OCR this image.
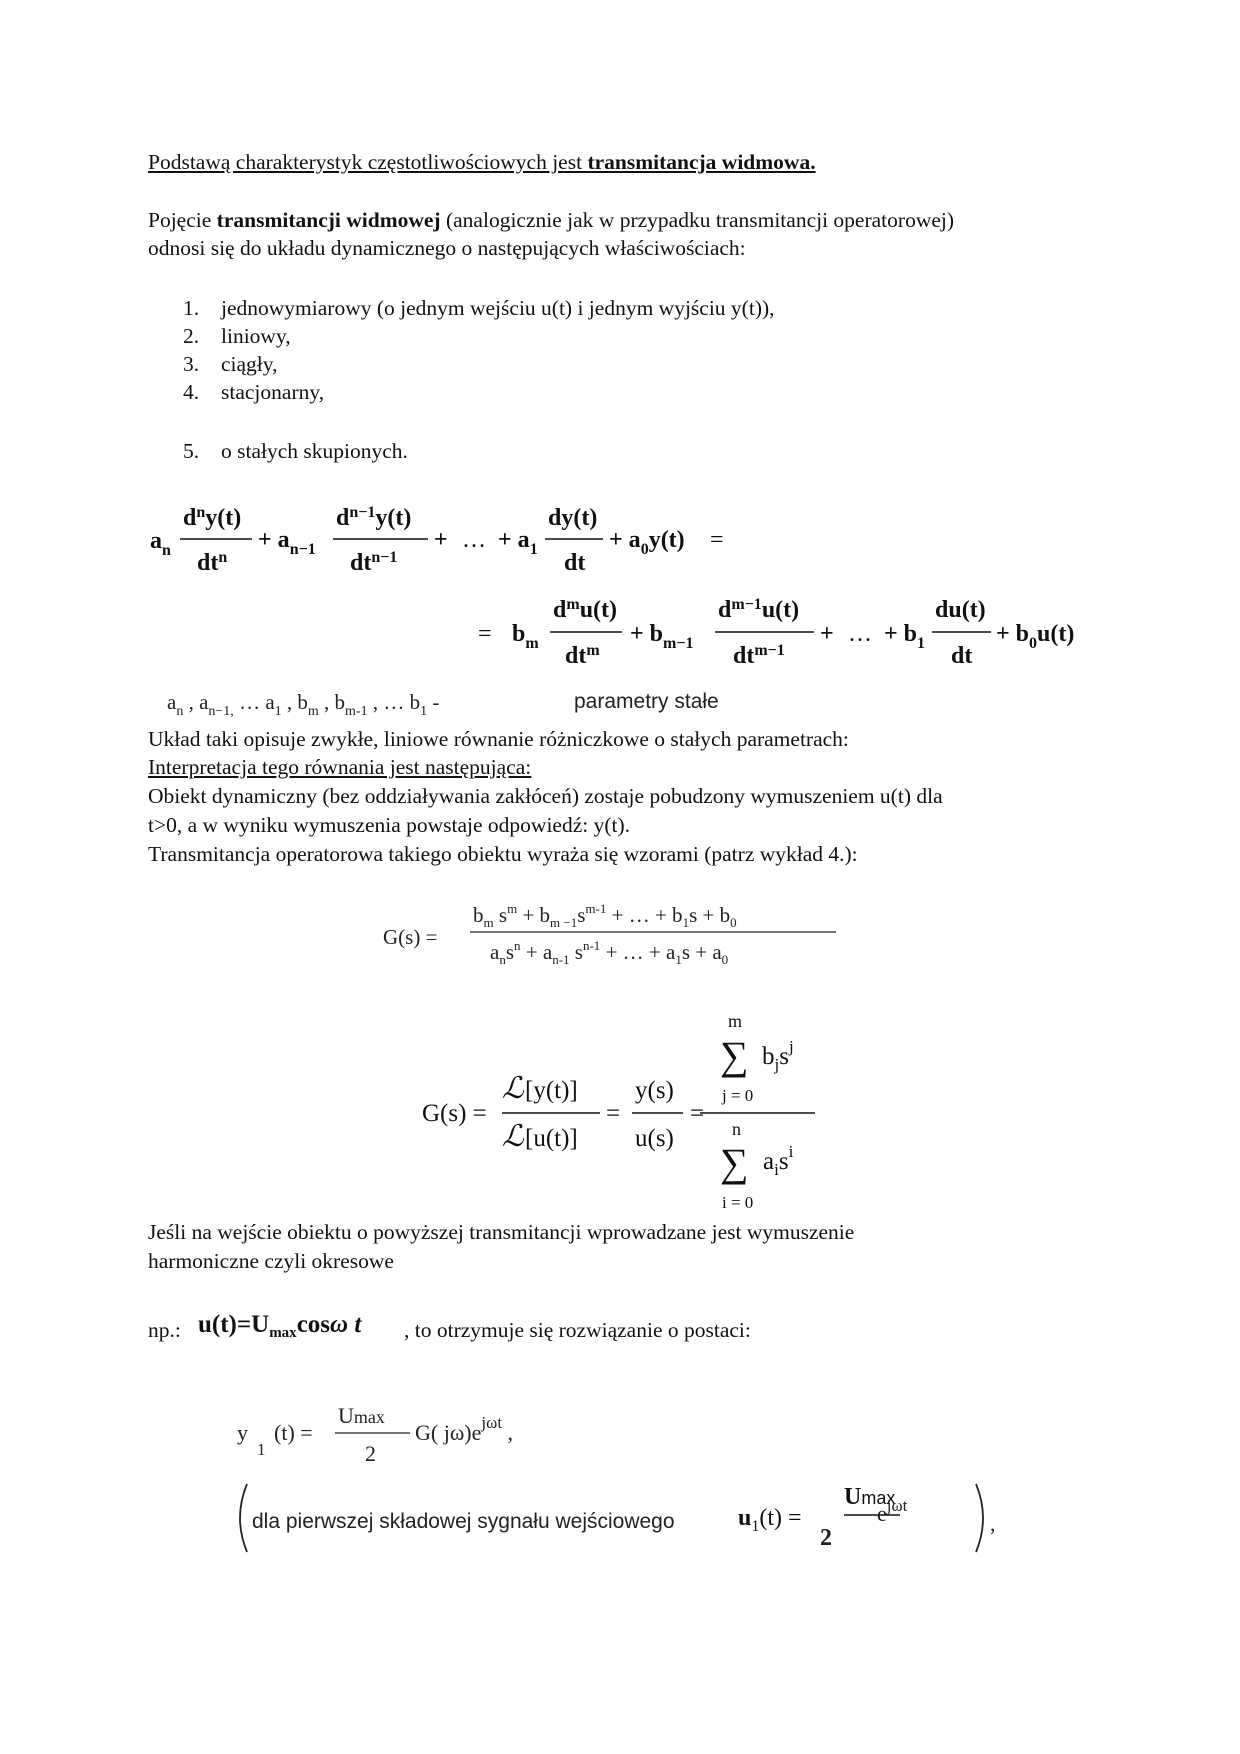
Podstawą charakterystyk częstotliwościowych jest transmitancja widmowa.
Pojęcie transmitancji widmowej (analogicznie jak w przypadku transmitancji operatorowej)
odnosi się do układu dynamicznego o następujących właściwościach:
1. jednowymiarowy (o jednym wejściu u(t) i jednym wyjściu y(t)),
2. liniowy,
3. ciągły,
4. stacjonarny,
5. o stałych skupionych.
$a_n$
$d^ny(t)$
$dt^n$
+ $a_{n-1}$
$d^{n-1}y(t)$
$dt^{n-1}$
+ … + $a_1$
dy(t)
dt
+ $a_0y(t)$ =
= $b_m$
$d^mu(t)$
$dt^m$
+ $b_{m-1}$
$d^{m-1}u(t)$
$dt^{m-1}$
+ … + $b_1$
du(t)
dt
+ $b_0u(t)$
$a_n$ , $a_{n-1,}$ … $a_1$ , $b_m$ , $b_{m-1}$ , … $b_1$ -	parametry stałe
Układ taki opisuje zwykłe, liniowe równanie różniczkowe o stałych parametrach:
Interpretacja tego równania jest następująca:
Obiekt dynamiczny (bez oddziaływania zakłóceń) zostaje pobudzony wymuszeniem u(t) dla
t>0, a w wyniku wymuszenia powstaje odpowiedź: y(t).
Transmitancja operatorowa takiego obiektu wyraża się wzorami (patrz wykład 4.):
G(s) =
$b_m$ $s^m + b_{m -1}s^{m-1}$ + … + $b_1s + b_0$
$a_ns^n + a_{n-1}$ $s^{n-1}$ + … + $a_1s + a_0$
m
∑ $b_js^j$
j = 0
n
∑ $a_is^i$
i = 0
G(s) =
ℒ [y(t)]
ℒ [u(t)]
=
y(s)
u(s)
=
Jeśli na wejście obiektu o powyższej transmitancji wprowadzane jest wymuszenie
harmoniczne czyli okresowe
np.: $u(t)=U_{max}\cos\omega$ t , to otrzymuje się rozwiązanie o postaci:
y
1
(t) =
Umax
2
G( $j\omega)e^{j\omega t}$ ,
,
$e^{j\omega t}$
2
dla pierwszej składowej sygnału wejściowego	$u_1(t)$ =
Umax
